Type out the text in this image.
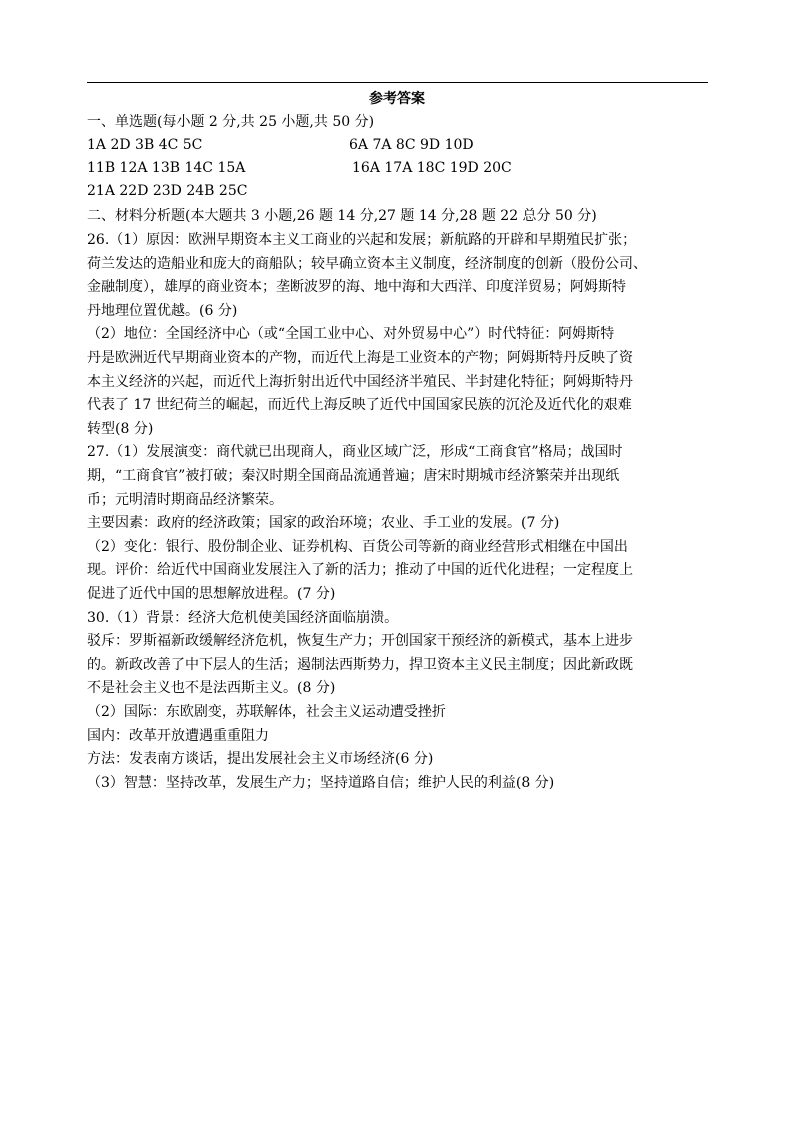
参考答案
一、单选题(每小题 2 分,共 25 小题,共 50 分)
1A 2D 3B 4C 5C	6A 7A 8C 9D 10D
11B 12A 13B 14C 15A	16A 17A 18C 19D 20C
21A 22D 23D 24B 25C
二、材料分析题(本大题共 3 小题,26 题 14 分,27 题 14 分,28 题 22 总分 50 分)
26.（1）原因：欧洲早期资本主义工商业的兴起和发展；新航路的开辟和早期殖民扩张；
荷兰发达的造船业和庞大的商船队；较早确立资本主义制度，经济制度的创新（股份公司、
金融制度），雄厚的商业资本；垄断波罗的海、地中海和大西洋、印度洋贸易；阿姆斯特
丹地理位置优越。(6 分)
（2）地位：全国经济中心（或“全国工业中心、对外贸易中心”）时代特征：阿姆斯特
丹是欧洲近代早期商业资本的产物，而近代上海是工业资本的产物；阿姆斯特丹反映了资
本主义经济的兴起，而近代上海折射出近代中国经济半殖民、半封建化特征；阿姆斯特丹
代表了 17 世纪荷兰的崛起，而近代上海反映了近代中国国家民族的沉沦及近代化的艰难
转型(8 分)
27.（1）发展演变：商代就已出现商人，商业区域广泛，形成“工商食官”格局；战国时
期，“工商食官”被打破；秦汉时期全国商品流通普遍；唐宋时期城市经济繁荣并出现纸
币；元明清时期商品经济繁荣。
主要因素：政府的经济政策；国家的政治环境；农业、手工业的发展。(7 分)
（2）变化：银行、股份制企业、证券机构、百货公司等新的商业经营形式相继在中国出
现。评价：给近代中国商业发展注入了新的活力；推动了中国的近代化进程；一定程度上
促进了近代中国的思想解放进程。(7 分)
30.（1）背景：经济大危机使美国经济面临崩溃。
驳斥：罗斯福新政缓解经济危机，恢复生产力；开创国家干预经济的新模式，基本上进步
的。新政改善了中下层人的生活；遏制法西斯势力，捍卫资本主义民主制度；因此新政既
不是社会主义也不是法西斯主义。(8 分)
（2）国际：东欧剧变，苏联解体，社会主义运动遭受挫折
国内：改革开放遭遇重重阻力
方法：发表南方谈话，提出发展社会主义市场经济(6 分)
（3）智慧：坚持改革，发展生产力；坚持道路自信；维护人民的利益(8 分)
